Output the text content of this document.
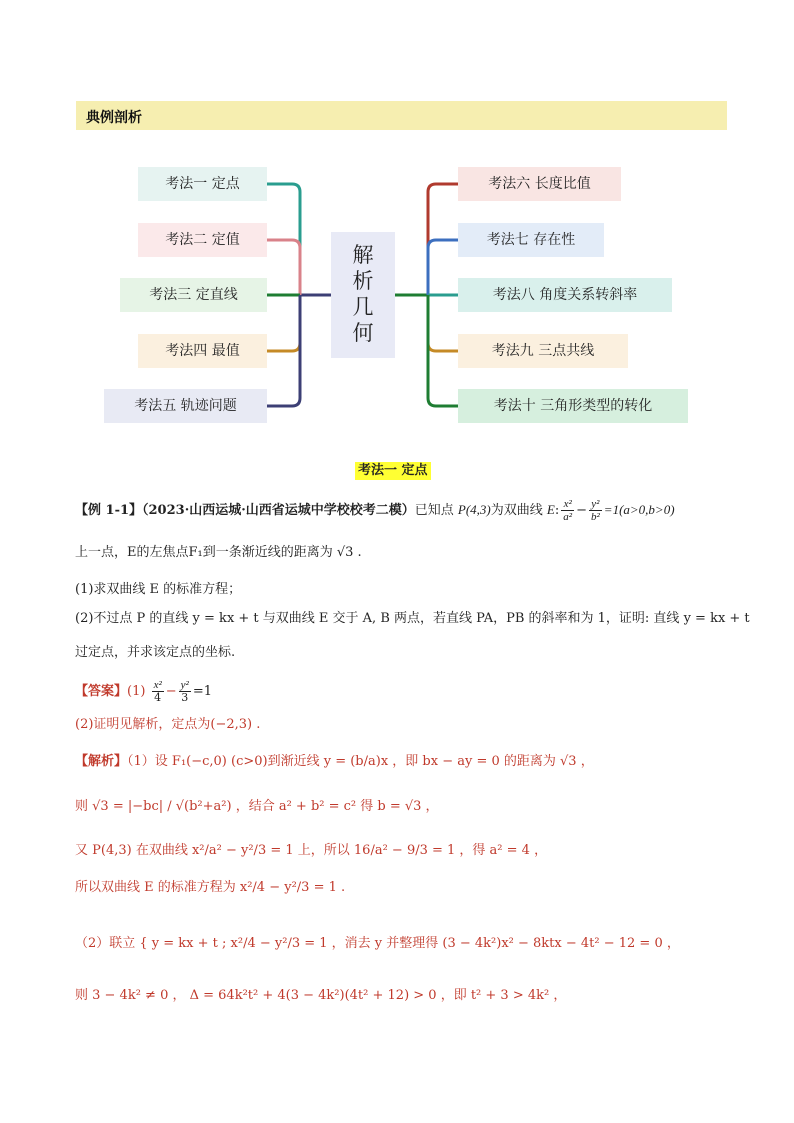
典例剖析
解
析
几
何
考法一 定点
考法二 定值
考法三 定直线
考法四 最值
考法五 轨迹问题
考法六 长度比值
考法七 存在性
考法八 角度关系转斜率
考法九 三点共线
考法十 三角形类型的转化
考法一 定点
【例 1-1】（2023·山西运城·山西省运城中学校校考二模）已知点 P(4,3)为双曲线 E: $\frac{\text{x²}}{\text{a²}} - \frac{\text{y²}}{\text{b²}} =1(a>0,b>0)$
上一点，E的左焦点F₁到一条渐近线的距离为 √3 .
(1)求双曲线 E 的标准方程；
(2)不过点 P 的直线 y = kx + t 与双曲线 E 交于 A, B 两点，若直线 PA，PB 的斜率和为 1，证明: 直线 y = kx + t
过定点，并求该定点的坐标.
【答案】$(1) \frac{\text{x²}}{4} - \frac{\text{y²}}{3} =1$
(2)证明见解析，定点为(−2,3) .
【解析】（1）设 F₁(−c,0) (c>0)到渐近线 y = (b/a)x ，即 bx − ay = 0 的距离为 √3 ，
则 √3 = |−bc| / √(b²+a²) ，结合 a² + b² = c² 得 b = √3 ，
又 P(4,3) 在双曲线 x²/a² − y²/3 = 1 上，所以 16/a² − 9/3 = 1 ，得 a² = 4 ，
所以双曲线 E 的标准方程为 x²/4 − y²/3 = 1 .
（2）联立 { y = kx + t ; x²/4 − y²/3 = 1 ，消去 y 并整理得 (3 − 4k²)x² − 8ktx − 4t² − 12 = 0 ，
则 3 − 4k² ≠ 0 ， Δ = 64k²t² + 4(3 − 4k²)(4t² + 12) > 0 ，即 t² + 3 > 4k² ，
